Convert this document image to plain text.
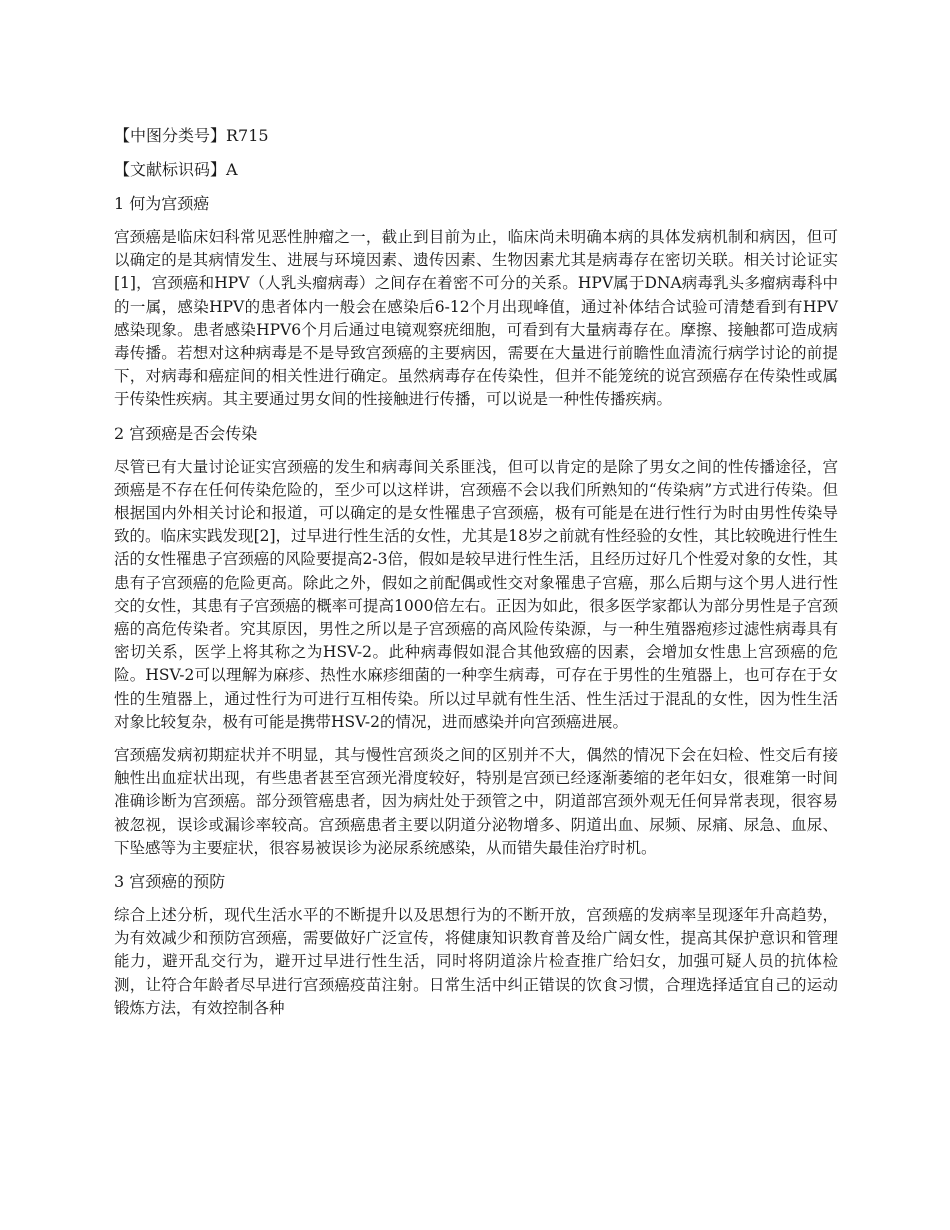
【中图分类号】R715
【文献标识码】A
1 何为宫颈癌

宫颈癌是临床妇科常见恶性肿瘤之一，截止到目前为止，临床尚未明确本病的具体发病机制和病因，但可以确定的是其病情发生、进展与环境因素、遗传因素、生物因素尤其是病毒存在密切关联。相关讨论证实[1]，宫颈癌和HPV（人乳头瘤病毒）之间存在着密不可分的关系。HPV属于DNA病毒乳头多瘤病毒科中的一属，感染HPV的患者体内一般会在感染后6-12个月出现峰值，通过补体结合试验可清楚看到有HPV感染现象。患者感染HPV6个月后通过电镜观察疣细胞，可看到有大量病毒存在。摩擦、接触都可造成病毒传播。若想对这种病毒是不是导致宫颈癌的主要病因，需要在大量进行前瞻性血清流行病学讨论的前提下，对病毒和癌症间的相关性进行确定。虽然病毒存在传染性，但并不能笼统的说宫颈癌存在传染性或属于传染性疾病。其主要通过男女间的性接触进行传播，可以说是一种性传播疾病。

2 宫颈癌是否会传染

尽管已有大量讨论证实宫颈癌的发生和病毒间关系匪浅，但可以肯定的是除了男女之间的性传播途径，宫颈癌是不存在任何传染危险的，至少可以这样讲，宫颈癌不会以我们所熟知的“传染病”方式进行传染。但根据国内外相关讨论和报道，可以确定的是女性罹患子宫颈癌，极有可能是在进行性行为时由男性传染导致的。临床实践发现[2]，过早进行性生活的女性，尤其是18岁之前就有性经验的女性，其比较晚进行性生活的女性罹患子宫颈癌的风险要提高2-3倍，假如是较早进行性生活，且经历过好几个性爱对象的女性，其患有子宫颈癌的危险更高。除此之外，假如之前配偶或性交对象罹患子宫癌，那么后期与这个男人进行性交的女性，其患有子宫颈癌的概率可提高1000倍左右。正因为如此，很多医学家都认为部分男性是子宫颈癌的高危传染者。究其原因，男性之所以是子宫颈癌的高风险传染源，与一种生殖器疱疹过滤性病毒具有密切关系，医学上将其称之为HSV-2。此种病毒假如混合其他致癌的因素，会增加女性患上宫颈癌的危险。HSV-2可以理解为麻疹、热性水麻疹细菌的一种孪生病毒，可存在于男性的生殖器上，也可存在于女性的生殖器上，通过性行为可进行互相传染。所以过早就有性生活、性生活过于混乱的女性，因为性生活对象比较复杂，极有可能是携带HSV-2的情况，进而感染并向宫颈癌进展。

宫颈癌发病初期症状并不明显，其与慢性宫颈炎之间的区别并不大，偶然的情况下会在妇检、性交后有接触性出血症状出现，有些患者甚至宫颈光滑度较好，特别是宫颈已经逐渐萎缩的老年妇女，很难第一时间准确诊断为宫颈癌。部分颈管癌患者，因为病灶处于颈管之中，阴道部宫颈外观无任何异常表现，很容易被忽视，误诊或漏诊率较高。宫颈癌患者主要以阴道分泌物增多、阴道出血、尿频、尿痛、尿急、血尿、下坠感等为主要症状，很容易被误诊为泌尿系统感染，从而错失最佳治疗时机。

3 宫颈癌的预防

综合上述分析，现代生活水平的不断提升以及思想行为的不断开放，宫颈癌的发病率呈现逐年升高趋势，为有效减少和预防宫颈癌，需要做好广泛宣传，将健康知识教育普及给广阔女性，提高其保护意识和管理能力，避开乱交行为，避开过早进行性生活，同时将阴道涂片检查推广给妇女，加强可疑人员的抗体检测，让符合年龄者尽早进行宫颈癌疫苗注射。日常生活中纠正错误的饮食习惯，合理选择适宜自己的运动锻炼方法，有效控制各种
